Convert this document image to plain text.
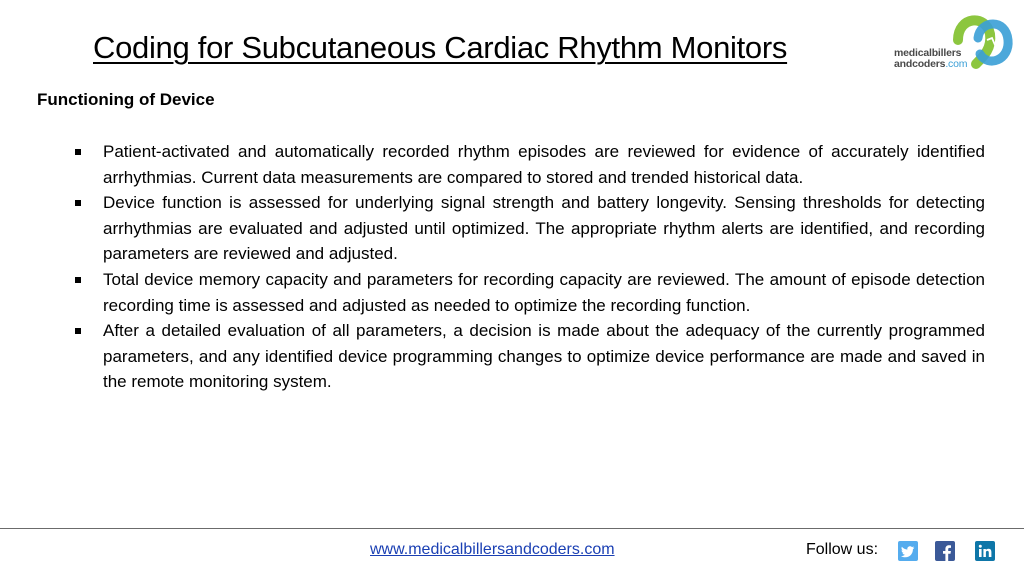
Coding for Subcutaneous Cardiac Rhythm Monitors	medicalbillers
andcoders.com
Functioning of Device
Patient-activated and automatically recorded rhythm episodes are reviewed for evidence of accurately identified arrhythmias. Current data measurements are compared to stored and trended historical data.
Device function is assessed for underlying signal strength and battery longevity. Sensing thresholds for detecting arrhythmias are evaluated and adjusted until optimized. The appropriate rhythm alerts are identified, and recording parameters are reviewed and adjusted.
Total device memory capacity and parameters for recording capacity are reviewed. The amount of episode detection recording time is assessed and adjusted as needed to optimize the recording function.
After a detailed evaluation of all parameters, a decision is made about the adequacy of the currently programmed parameters, and any identified device programming changes to optimize device performance are made and saved in the remote monitoring system.
www.medicalbillersandcoders.com	Follow us:
